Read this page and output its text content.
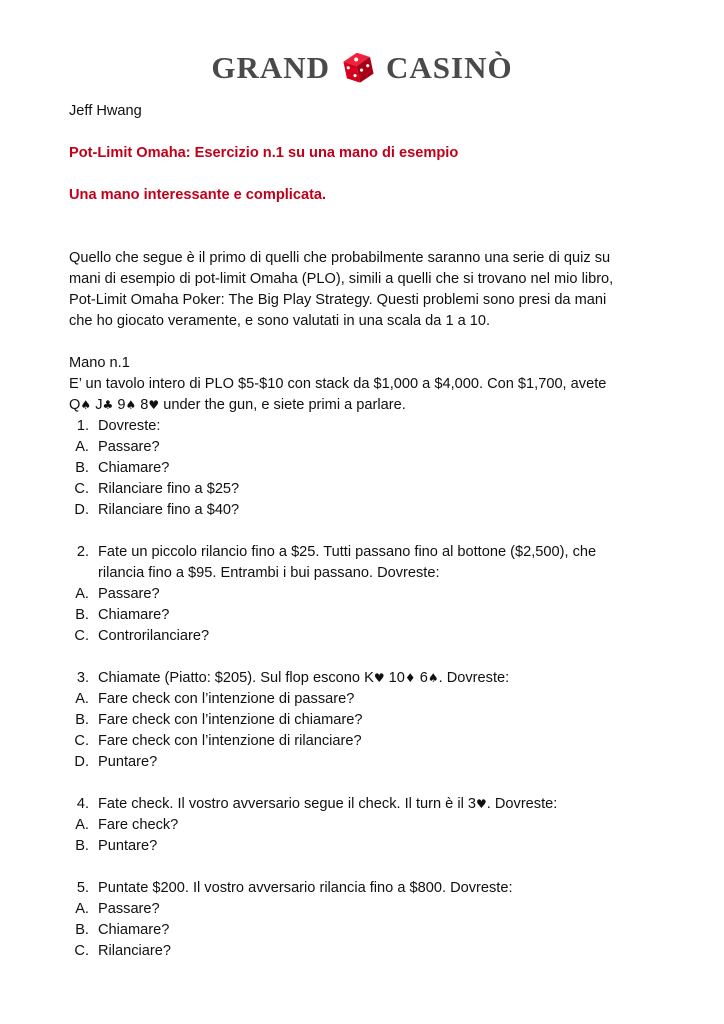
GRAND CASINÒ
Jeff Hwang
Pot-Limit Omaha: Esercizio n.1 su una mano di esempio
Una mano interessante e complicata.
Quello che segue è il primo di quelli che probabilmente saranno una serie di quiz su
mani di esempio di pot-limit Omaha (PLO), simili a quelli che si trovano nel mio libro,
Pot-Limit Omaha Poker: The Big Play Strategy. Questi problemi sono presi da mani
che ho giocato veramente, e sono valutati in una scala da 1 a 10.
Mano n.1
E’ un tavolo intero di PLO $5-$10 con stack da $1,000 a $4,000. Con $1,700, avete
Q♠ J♣ 9♠ 8♥ under the gun, e siete primi a parlare.
1. Dovreste:
A. Passare?
B. Chiamare?
C. Rilanciare fino a $25?
D. Rilanciare fino a $40?
2. Fate un piccolo rilancio fino a $25. Tutti passano fino al bottone ($2,500), che
rilancia fino a $95. Entrambi i bui passano. Dovreste:
A. Passare?
B. Chiamare?
C. Controrilanciare?
3. Chiamate (Piatto: $205). Sul flop escono K♥ 10♦ 6♠. Dovreste:
A. Fare check con l’intenzione di passare?
B. Fare check con l’intenzione di chiamare?
C. Fare check con l’intenzione di rilanciare?
D. Puntare?
4. Fate check. Il vostro avversario segue il check. Il turn è il 3♥. Dovreste:
A. Fare check?
B. Puntare?
5. Puntate $200. Il vostro avversario rilancia fino a $800. Dovreste:
A. Passare?
B. Chiamare?
C. Rilanciare?
